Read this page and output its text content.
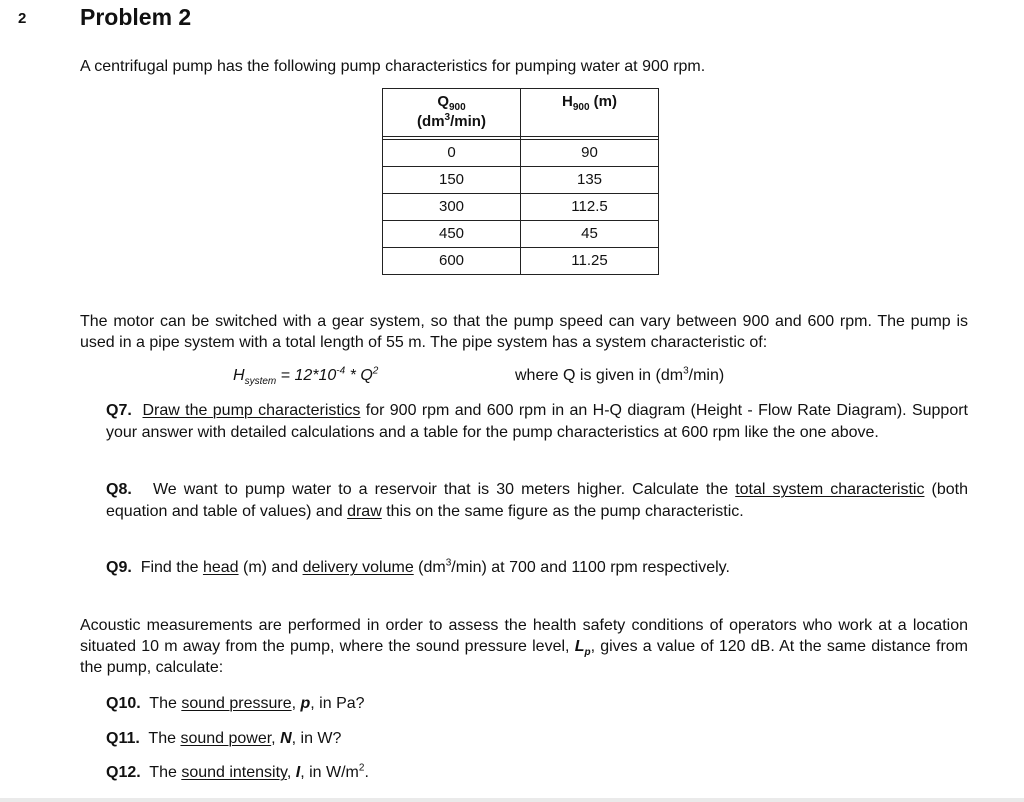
2 Problem 2
A centrifugal pump has the following pump characteristics for pumping water at 900 rpm.
$Q_{900}$
$(dm^3/\min)$	$H_{900}$ (m)

0	90
150	135
300	112.5
450	45
600	11.25
The motor can be switched with a gear system, so that the pump speed can vary between 900 and 600 rpm. The pump is used in a pipe system with a total length of 55 m. The pipe system has a system characteristic of:
$H_{system} = 12*10^{-4} * Q^2$	where Q is given in $(dm^3/\min)$
Q7. Draw the pump characteristics for 900 rpm and 600 rpm in an H-Q diagram (Height - Flow Rate Diagram). Support your answer with detailed calculations and a table for the pump characteristics at 600 rpm like the one above.
Q8. We want to pump water to a reservoir that is 30 meters higher. Calculate the total system characteristic (both equation and table of values) and draw this on the same figure as the pump characteristic.
Q9. Find the head (m) and delivery volume $(dm^3/\min)$ at 700 and 1100 rpm respectively.
Acoustic measurements are performed in order to assess the health safety conditions of operators who work at a location situated 10 m away from the pump, where the sound pressure level, $L_p$, gives a value of 120 dB. At the same distance from the pump, calculate:
Q10. The sound pressure, p, in Pa?
Q11. The sound power, N, in W?
Q12. The sound intensity, I, in $W/m^2$.
